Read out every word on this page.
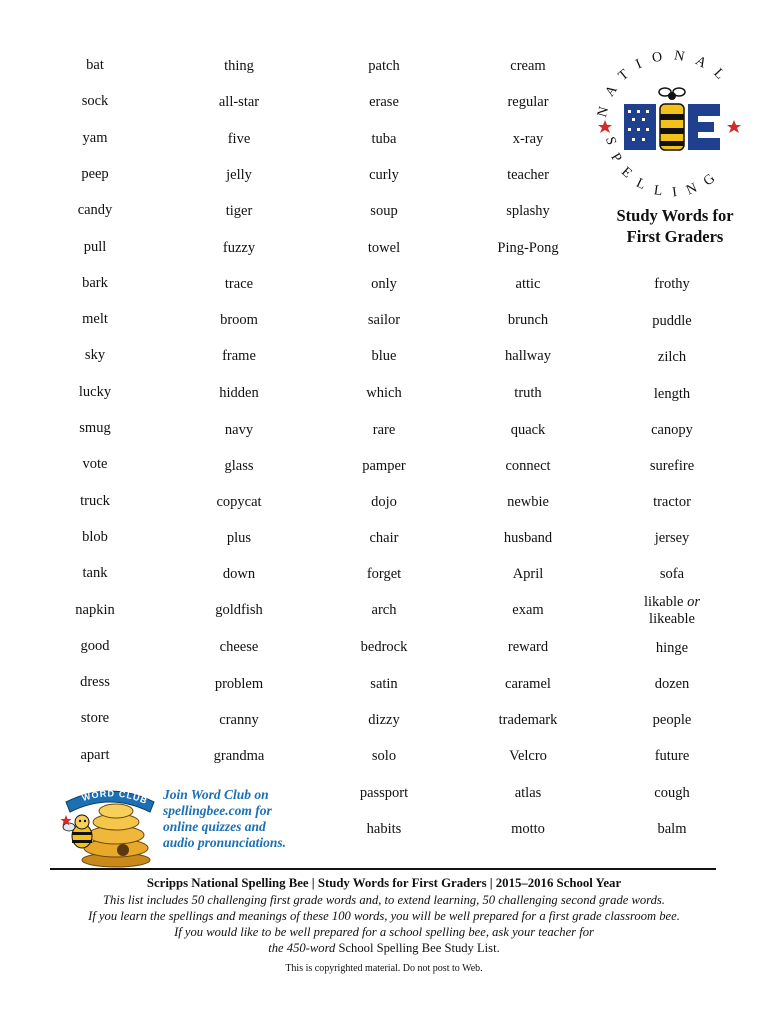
bat
sock
yam
peep
candy
pull
bark
melt
sky
lucky
smug
vote
truck
blob
tank
napkin
good
dress
store
apart
thing
all-star
five
jelly
tiger
fuzzy
trace
broom
frame
hidden
navy
glass
copycat
plus
down
goldfish
cheese
problem
cranny
grandma
patch
erase
tuba
curly
soup
towel
only
sailor
blue
which
rare
pamper
dojo
chair
forget
arch
bedrock
satin
dizzy
solo
passport
habits
cream
regular
x-ray
teacher
splashy
Ping-Pong
attic
brunch
hallway
truth
quack
connect
newbie
husband
April
exam
reward
caramel
trademark
Velcro
atlas
motto
frothy
puddle
zilch
length
canopy
surefire
tractor
jersey
sofa
likable or
likeable
hinge
dozen
people
future
cough
balm
NATIONAL
SPELLING
Study Words for
First Graders
WORD CLUB Join Word Club on
spellingbee.com for
online quizzes and
audio pronunciations.
Scripps National Spelling Bee | Study Words for First Graders | 2015–2016 School Year
This list includes 50 challenging first grade words and, to extend learning, 50 challenging second grade words.
If you learn the spellings and meanings of these 100 words, you will be well prepared for a first grade classroom bee.
If you would like to be well prepared for a school spelling bee, ask your teacher for
the 450-word School Spelling Bee Study List.
This is copyrighted material. Do not post to Web.
